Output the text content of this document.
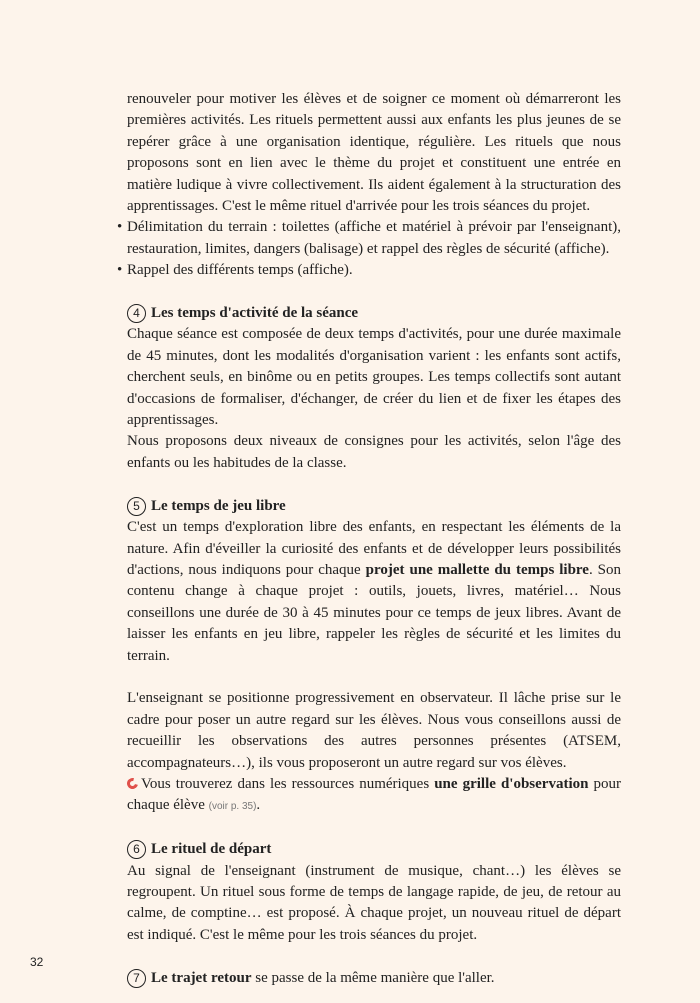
renouveler pour motiver les élèves et de soigner ce moment où démarreront les premières activités. Les rituels permettent aussi aux enfants les plus jeunes de se repérer grâce à une organisation identique, régulière. Les rituels que nous proposons sont en lien avec le thème du projet et constituent une entrée en matière ludique à vivre collectivement. Ils aident également à la structuration des apprentissages. C'est le même rituel d'arrivée pour les trois séances du projet.

• Délimitation du terrain : toilettes (affiche et matériel à prévoir par l'enseignant), restauration, limites, dangers (balisage) et rappel des règles de sécurité (affiche).

• Rappel des différents temps (affiche).

4 Les temps d'activité de la séance

Chaque séance est composée de deux temps d'activités, pour une durée maximale de 45 minutes, dont les modalités d'organisation varient : les enfants sont actifs, cherchent seuls, en binôme ou en petits groupes. Les temps collectifs sont autant d'occasions de formaliser, d'échanger, de créer du lien et de fixer les étapes des apprentissages.

Nous proposons deux niveaux de consignes pour les activités, selon l'âge des enfants ou les habitudes de la classe.

5 Le temps de jeu libre

C'est un temps d'exploration libre des enfants, en respectant les éléments de la nature. Afin d'éveiller la curiosité des enfants et de développer leurs possibilités d'actions, nous indiquons pour chaque projet une mallette du temps libre. Son contenu change à chaque projet : outils, jouets, livres, matériel… Nous conseillons une durée de 30 à 45 minutes pour ce temps de jeux libres. Avant de laisser les enfants en jeu libre, rappeler les règles de sécurité et les limites du terrain.

L'enseignant se positionne progressivement en observateur. Il lâche prise sur le cadre pour poser un autre regard sur les élèves. Nous vous conseillons aussi de recueillir les observations des autres personnes présentes (ATSEM, accompagnateurs…), ils vous proposeront un autre regard sur vos élèves.

Vous trouverez dans les ressources numériques une grille d'observation pour chaque élève (voir p. 35).

6 Le rituel de départ

Au signal de l'enseignant (instrument de musique, chant…) les élèves se regroupent. Un rituel sous forme de temps de langage rapide, de jeu, de retour au calme, de comptine… est proposé. À chaque projet, un nouveau rituel de départ est indiqué. C'est le même pour les trois séances du projet.

7 Le trajet retour se passe de la même manière que l'aller.
32
